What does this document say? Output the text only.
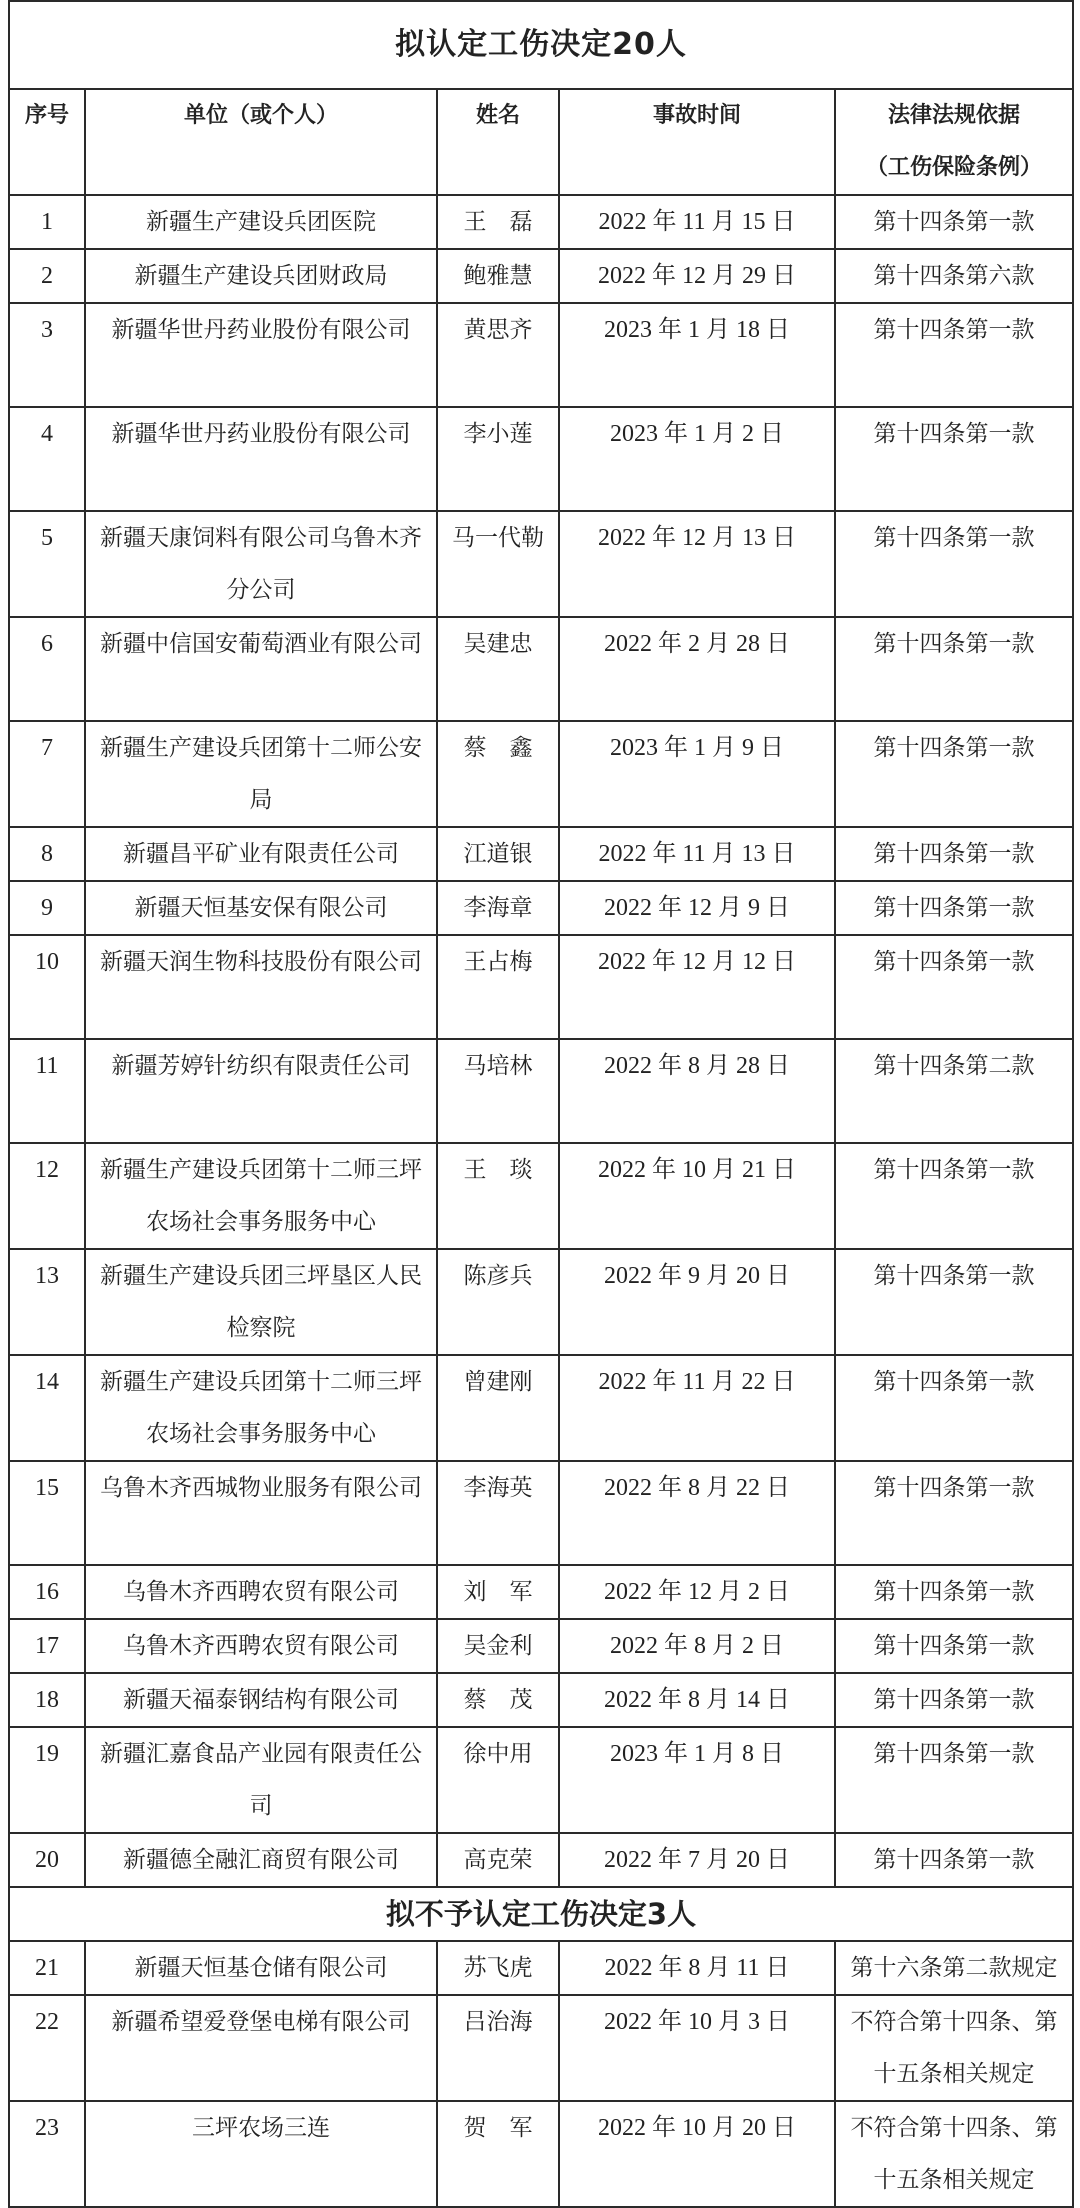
拟认定工伤决定20人				
序号	单位（或个人）	姓名	事故时间	法律法规依据
（工伤保险条例）

1	新疆生产建设兵团医院	王　磊	2022 年 11 月 15 日	第十四条第一款
2	新疆生产建设兵团财政局	鲍雅慧	2022 年 12 月 29 日	第十四条第六款
3	新疆华世丹药业股份有限公司	黄思齐	2023 年 1 月 18 日	第十四条第一款
4	新疆华世丹药业股份有限公司	李小莲	2023 年 1 月 2 日	第十四条第一款
5	新疆天康饲料有限公司乌鲁木齐分公司	马一代勒	2022 年 12 月 13 日	第十四条第一款
6	新疆中信国安葡萄酒业有限公司	吴建忠	2022 年 2 月 28 日	第十四条第一款
7	新疆生产建设兵团第十二师公安局	蔡　鑫	2023 年 1 月 9 日	第十四条第一款
8	新疆昌平矿业有限责任公司	江道银	2022 年 11 月 13 日	第十四条第一款
9	新疆天恒基安保有限公司	李海章	2022 年 12 月 9 日	第十四条第一款
10	新疆天润生物科技股份有限公司	王占梅	2022 年 12 月 12 日	第十四条第一款
11	新疆芳婷针纺织有限责任公司	马培林	2022 年 8 月 28 日	第十四条第二款
12	新疆生产建设兵团第十二师三坪农场社会事务服务中心	王　琰	2022 年 10 月 21 日	第十四条第一款
13	新疆生产建设兵团三坪垦区人民检察院	陈彦兵	2022 年 9 月 20 日	第十四条第一款
14	新疆生产建设兵团第十二师三坪农场社会事务服务中心	曾建刚	2022 年 11 月 22 日	第十四条第一款
15	乌鲁木齐西城物业服务有限公司	李海英	2022 年 8 月 22 日	第十四条第一款
16	乌鲁木齐西聘农贸有限公司	刘　军	2022 年 12 月 2 日	第十四条第一款
17	乌鲁木齐西聘农贸有限公司	吴金利	2022 年 8 月 2 日	第十四条第一款
18	新疆天福泰钢结构有限公司	蔡　茂	2022 年 8 月 14 日	第十四条第一款
19	新疆汇嘉食品产业园有限责任公司	徐中用	2023 年 1 月 8 日	第十四条第一款
20	新疆德全融汇商贸有限公司	高克荣	2022 年 7 月 20 日	第十四条第一款
拟不予认定工伤决定3人				
21	新疆天恒基仓储有限公司	苏飞虎	2022 年 8 月 11 日	第十六条第二款规定
22	新疆希望爱登堡电梯有限公司	吕治海	2022 年 10 月 3 日	不符合第十四条、第十五条相关规定
23	三坪农场三连	贺　军	2022 年 10 月 20 日	不符合第十四条、第十五条相关规定
